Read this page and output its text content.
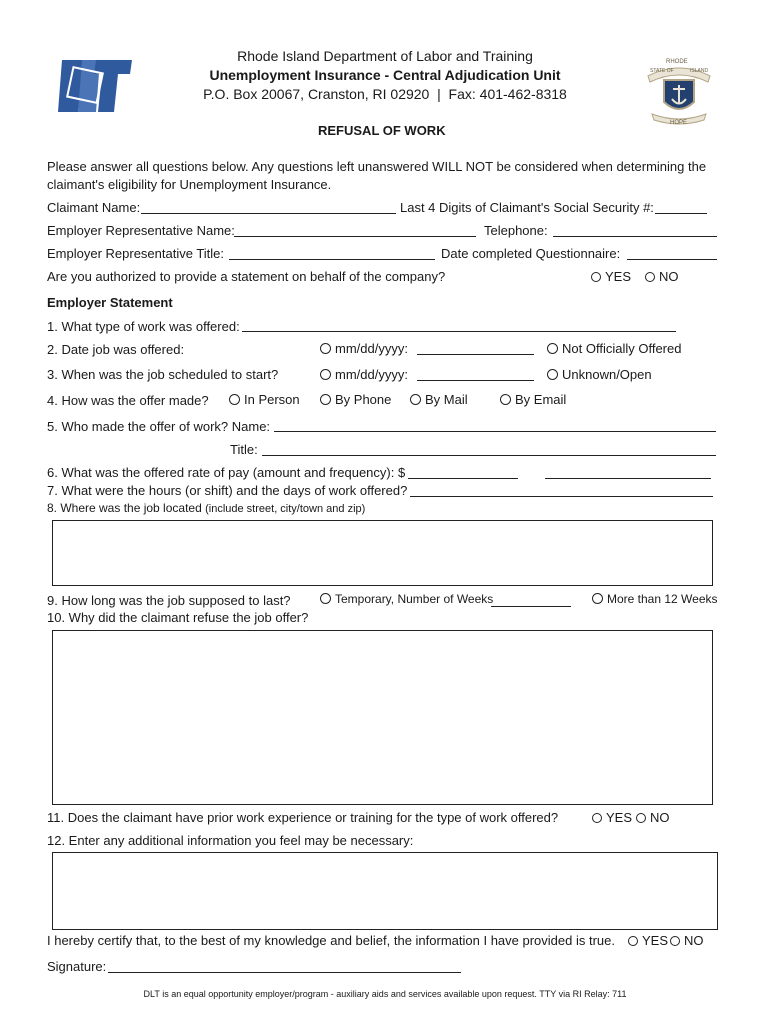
RHODE
STATE OF	ISLAND
HOPE
Rhode Island Department of Labor and Training
Unemployment Insurance - Central Adjudication Unit
P.O. Box 20067, Cranston, RI 02920  |  Fax: 401-462-8318
REFUSAL OF WORK
Please answer all questions below. Any questions left unanswered WILL NOT be considered when determining the
claimant's eligibility for Unemployment Insurance.
Claimant Name:	Last 4 Digits of Claimant's Social Security #:
Employer Representative Name:	Telephone:
Employer Representative Title:	Date completed Questionnaire:
Are you authorized to provide a statement on behalf of the company?	YES	NO
Employer Statement
1. What type of work was offered:
2. Date job was offered:	mm/dd/yyyy:	Not Officially Offered
3. When was the job scheduled to start?	mm/dd/yyyy:	Unknown/Open
4. How was the offer made?	In Person	By Phone	By Mail	By Email
5. Who made the offer of work? Name:
Title:
6. What was the offered rate of pay (amount and frequency): $
7. What were the hours (or shift) and the days of work offered?
8. Where was the job located (include street, city/town and zip)
9. How long was the job supposed to last?	Temporary, Number of Weeks	More than 12 Weeks
10. Why did the claimant refuse the job offer?
11. Does the claimant have prior work experience or training for the type of work offered?	YES	NO
12. Enter any additional information you feel may be necessary:
I hereby certify that, to the best of my knowledge and belief, the information I have provided is true.	YES	NO
Signature:
DLT is an equal opportunity employer/program - auxiliary aids and services available upon request. TTY via RI Relay: 711
